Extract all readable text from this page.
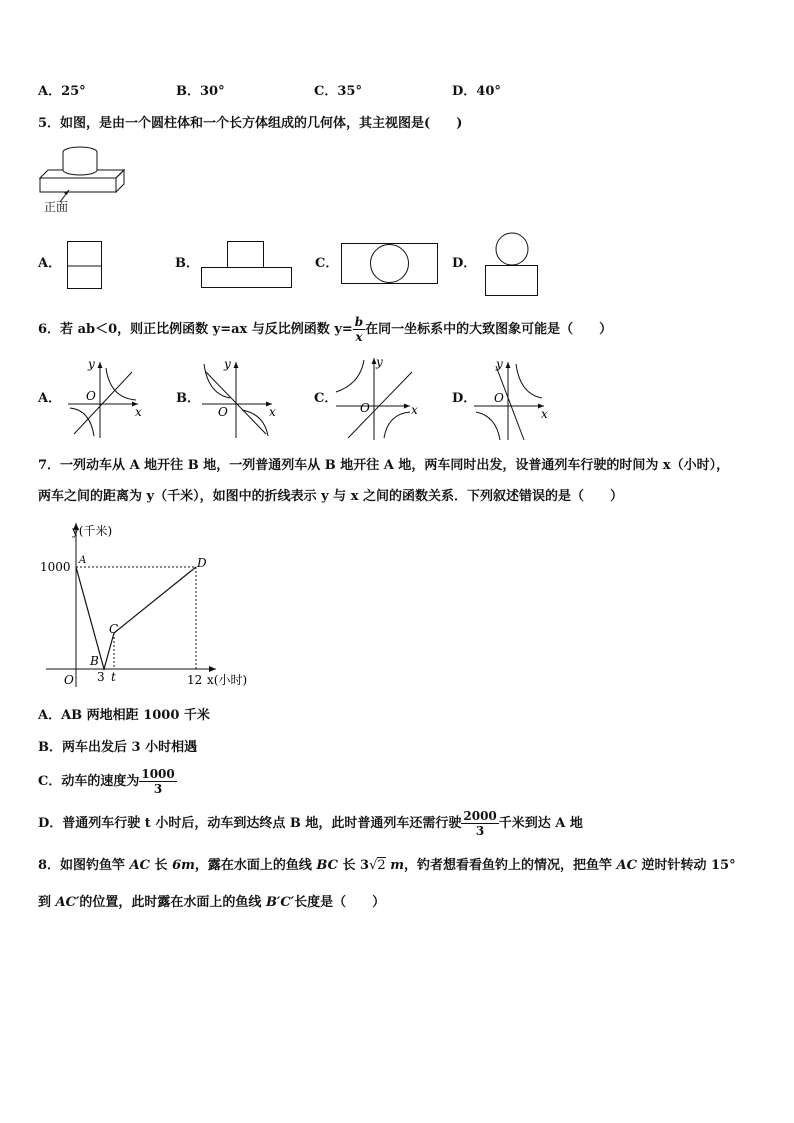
A．25°	B．30°	C．35°	D．40°
5．如图，是由一个圆柱体和一个长方体组成的几何体，其主视图是(　　)
正面
A．	B．	C．	D．
6．若 ab＜0，则正比例函数 y=ax 与反比例函数 $y= \frac{b}{x}$ 在同一坐标系中的大致图象可能是（　　）
A．	B．	C．	D．
y
x
O
y
x
O
y
x
O
y
x
O
7．一列动车从 A 地开往 B 地，一列普通列车从 B 地开往 A 地，两车同时出发，设普通列车行驶的时间为 x（小时），
两车之间的距离为 y（千米），如图中的折线表示 y 与 x 之间的函数关系．下列叙述错误的是（　　）
y(千米)
x(小时)
O
1000
3 t	12
A
B
C
D
A．AB 两地相距 1000 千米
B．两车出发后 3 小时相遇
C．动车的速度为 $\frac{1000}{3}$
D．普通列车行驶 t 小时后，动车到达终点 B 地，此时普通列车还需行驶 $\frac{2000}{3}$ 千米到达 A 地
8．如图钓鱼竿 AC 长 6m，露在水面上的鱼线 BC 长 3√2 m，钓者想看看鱼钓上的情况，把鱼竿 AC 逆时针转动 15°
到 AC′的位置，此时露在水面上的鱼线 B′C′长度是（　　）
